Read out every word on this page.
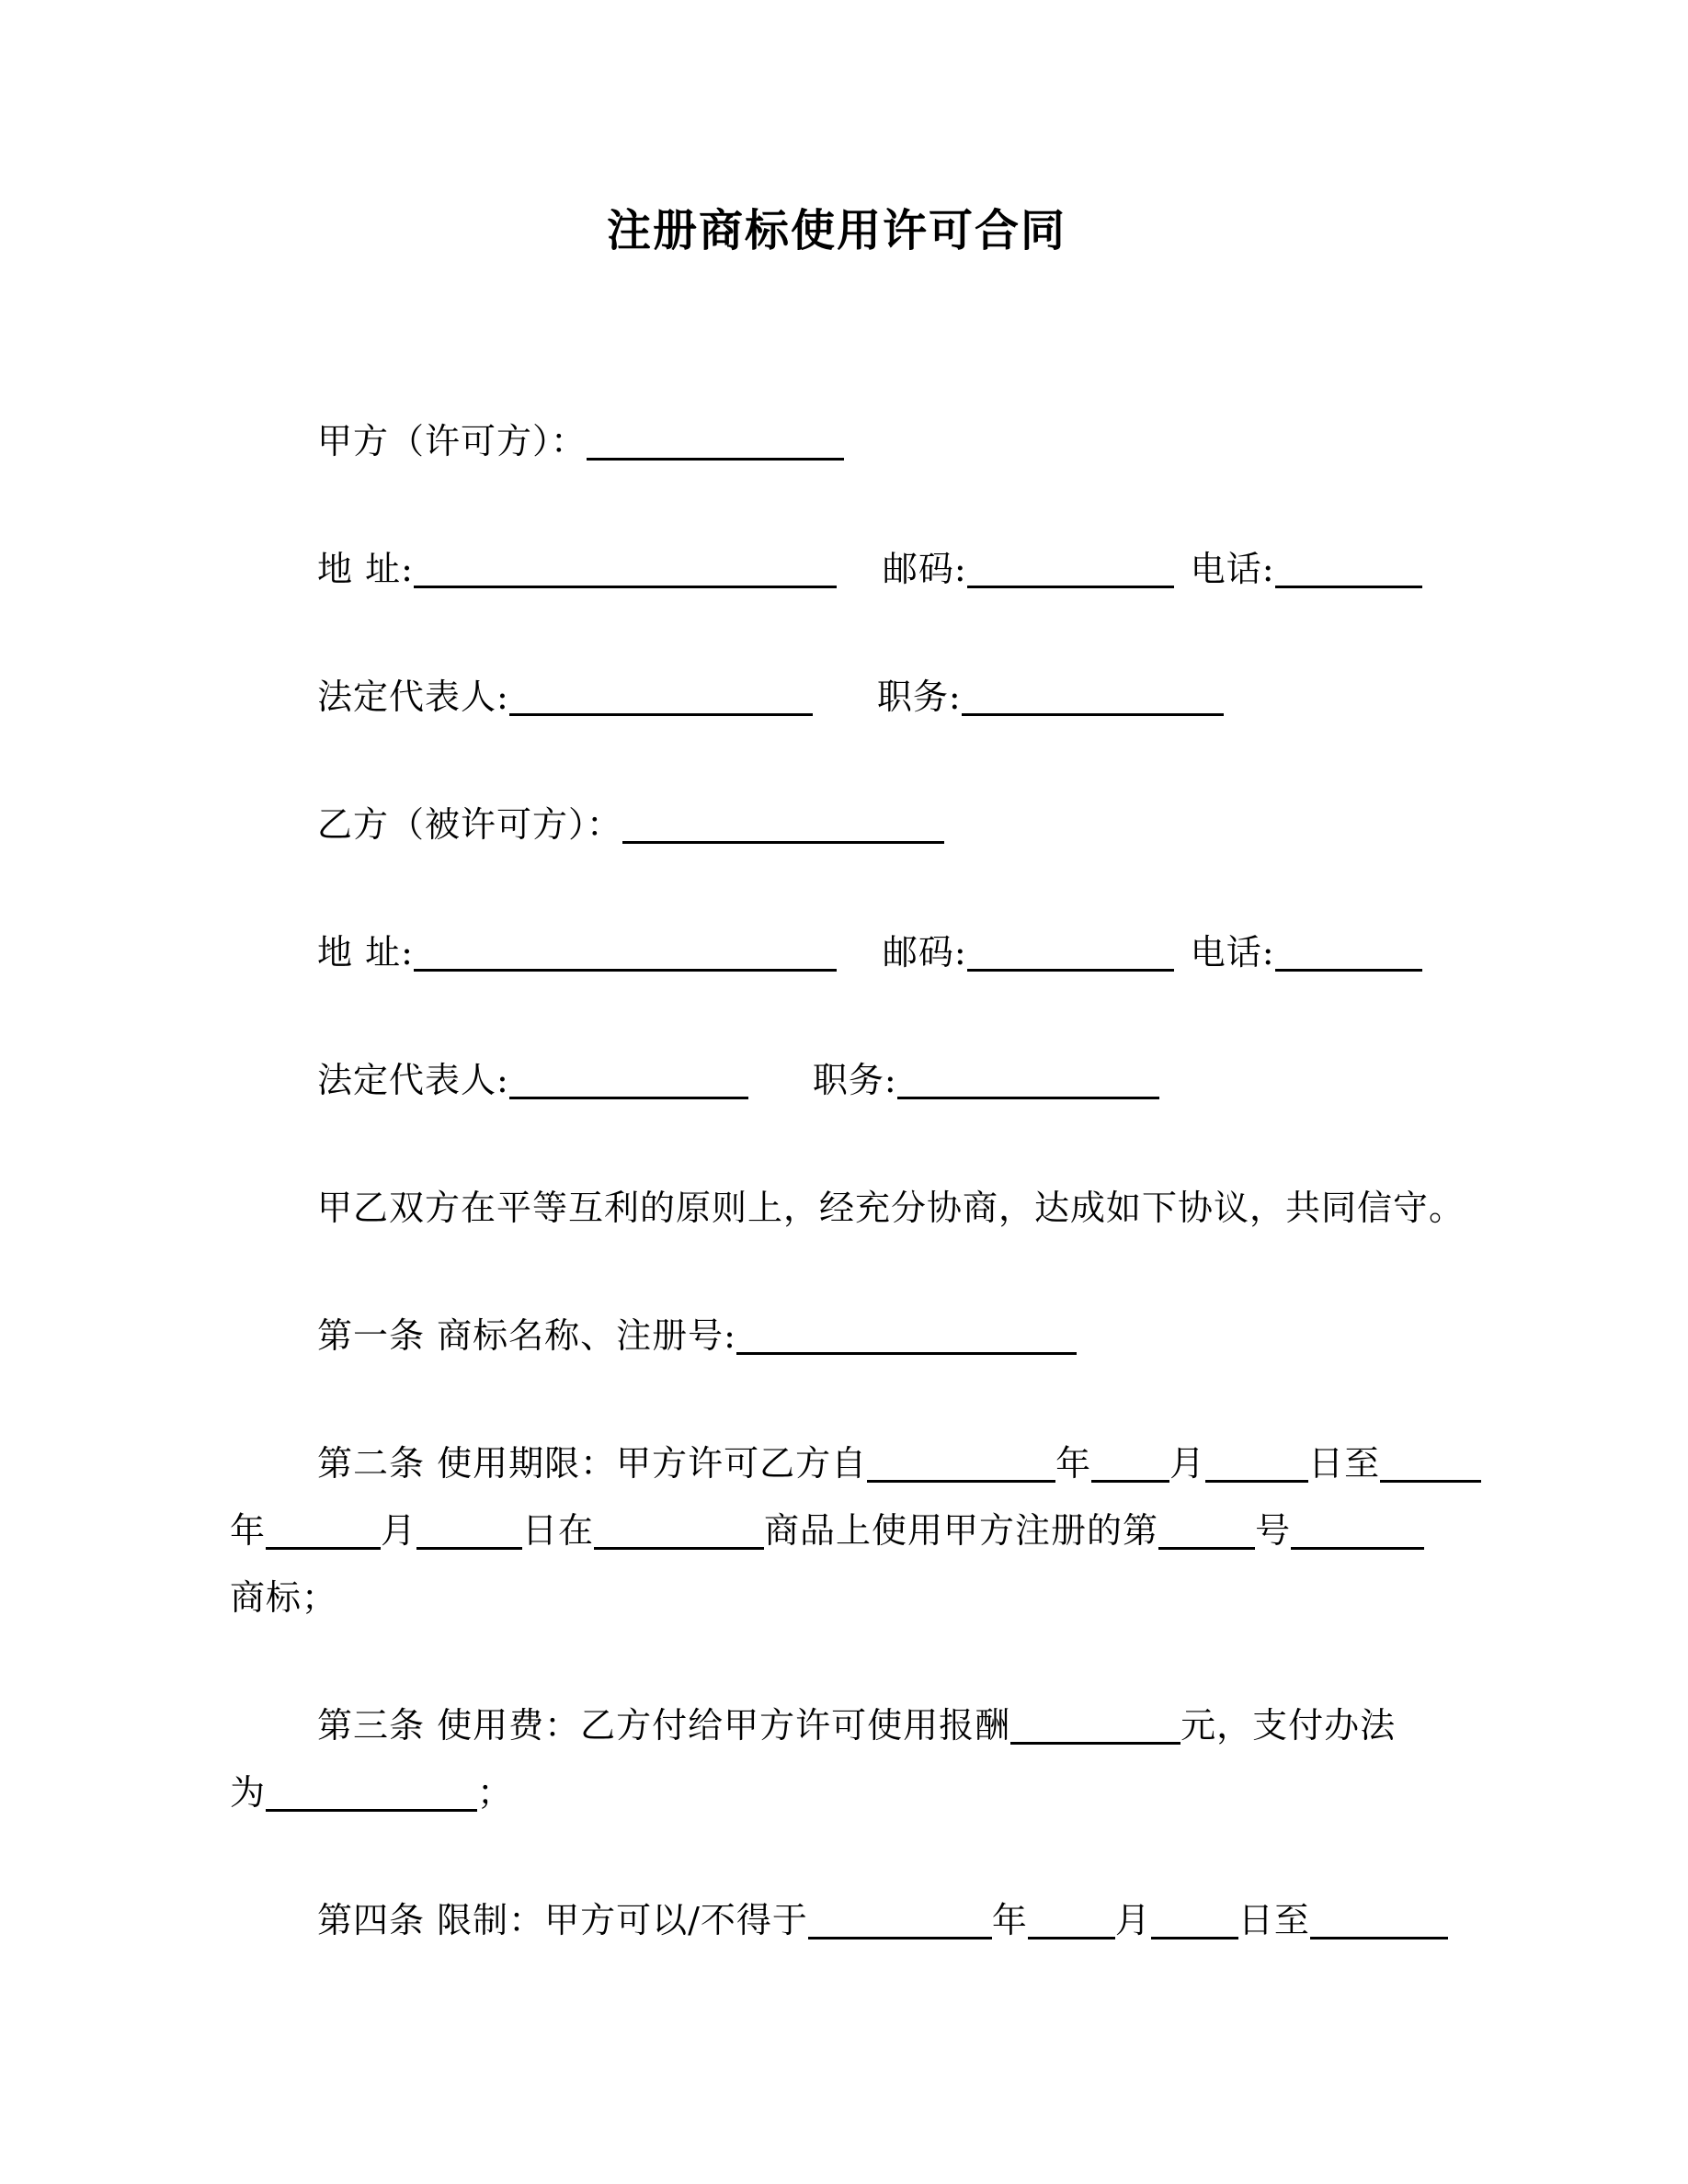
注册商标使用许可合同
甲方（许可方）：
地 址:	邮码:	电话:
法定代表人:	职务:
乙方（被许可方）：
地 址:	邮码:	电话:
法定代表人:	职务:
甲乙双方在平等互利的原则上，经充分协商，达成如下协议，共同信守。
第一条 商标名称、注册号:
第二条 使用期限：甲方许可乙方自	年 月	日至
年	月	日在	商品上使用甲方注册的第	号
商标；
第三条 使用费：乙方付给甲方许可使用报酬	元，支付办法
为	；
第四条 限制：甲方可以/不得于	年	月	日至
